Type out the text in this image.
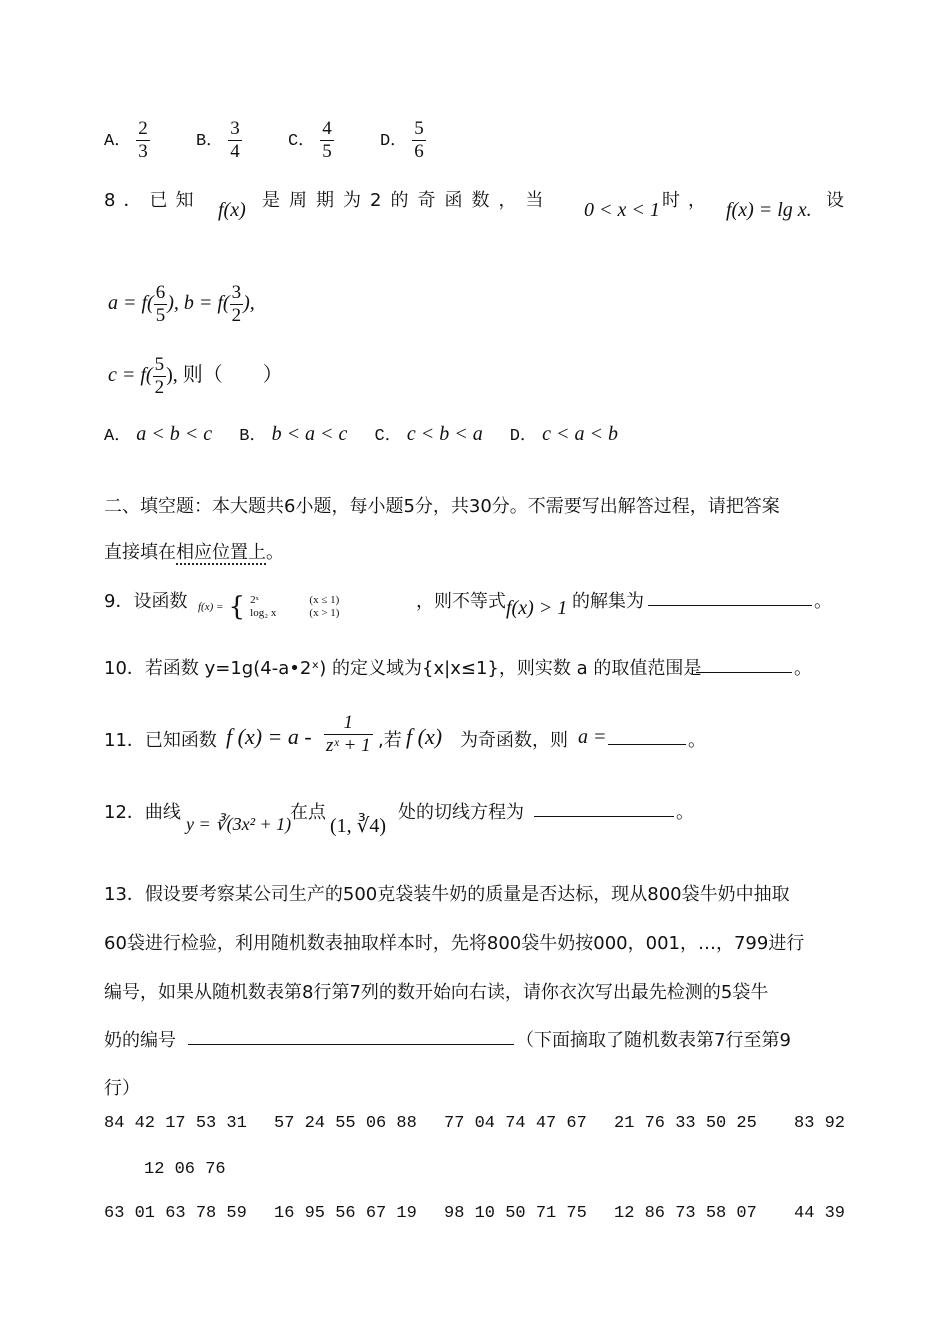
A． $\frac{2}{3}$	B． $\frac{3}{4}$	C． $\frac{4}{5}$	D． $\frac{5}{6}$
8．已知 f(x) 是周期为2的奇函数，当 0 < x < 1 时， f(x) = lg x. 设
$a = f( \frac{6}{5}$ ), $b = f( \frac{3}{2}$ ),
$c = f( \frac{5}{2}$ ), 则（　　）
A． a < b < c B． b < a < c C． c < b < a D． c < a < b
二、填空题：本大题共6小题，每小题5分，共30分。不需要写出解答过程，请把答案
直接填在相应位置上。
9．设函数 f(x) = { 2ˣ
log₂ x

(x ≤ 1)
(x > 1)
，则不等式 f(x) > 1 的解集为	。
10．若函数 y=1g(4-a•2ˣ) 的定义域为{x|x≤1}，则实数 a 的取值范围是	。
11．已知函数 f $(x) = a - \frac{1}{\text{zˣ + 1}}$ ,若 f (x) 为奇函数，则 a =	。
12．曲线
y = ∛(3x² + 1)
在点
(1, ∛4)
处的切线方程为	。
13．假设要考察某公司生产的500克袋装牛奶的质量是否达标，现从800袋牛奶中抽取
60袋进行检验，利用随机数表抽取样本时，先将800袋牛奶按000，001，…，799进行
编号，如果从随机数表第8行第7列的数开始向右读，请你衣次写出最先检测的5袋牛
奶的编号	（下面摘取了随机数表第7行至第9
行）
84 42 17 53 31 57 24 55 06 88 77 04 74 47 67 21 76 33 50 25 83 92
12 06 76
63 01 63 78 59 16 95 56 67 19 98 10 50 71 75 12 86 73 58 07 44 39
